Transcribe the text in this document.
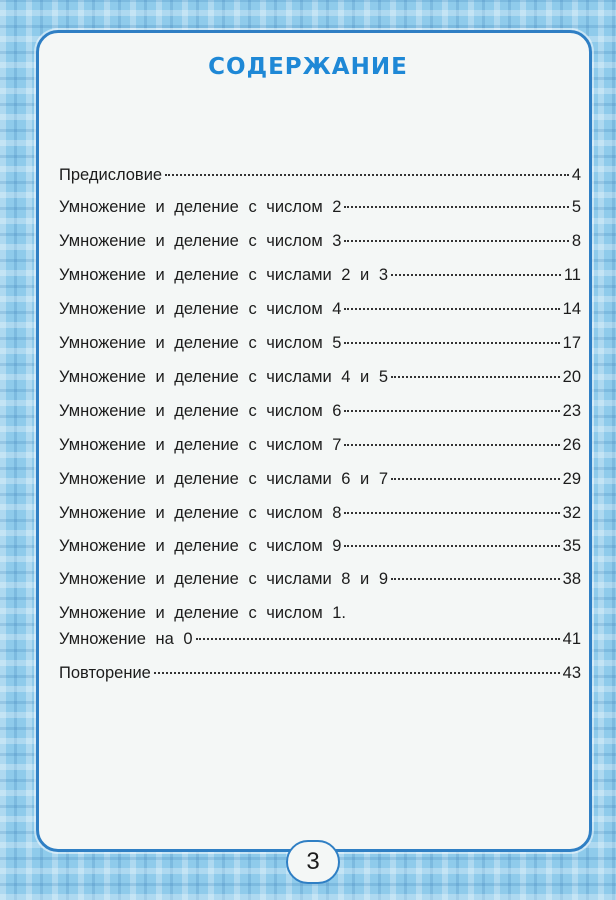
СОДЕРЖАНИЕ
Предисловие	4
Умножение и деление с числом 2	5
Умножение и деление с числом 3	8
Умножение и деление с числами 2 и 3	11
Умножение и деление с числом 4	14
Умножение и деление с числом 5	17
Умножение и деление с числами 4 и 5	20
Умножение и деление с числом 6	23
Умножение и деление с числом 7	26
Умножение и деление с числами 6 и 7	29
Умножение и деление с числом 8	32
Умножение и деление с числом 9	35
Умножение и деление с числами 8 и 9	38
Умножение и деление с числом 1.
Умножение на 0	41
Повторение	43
3
